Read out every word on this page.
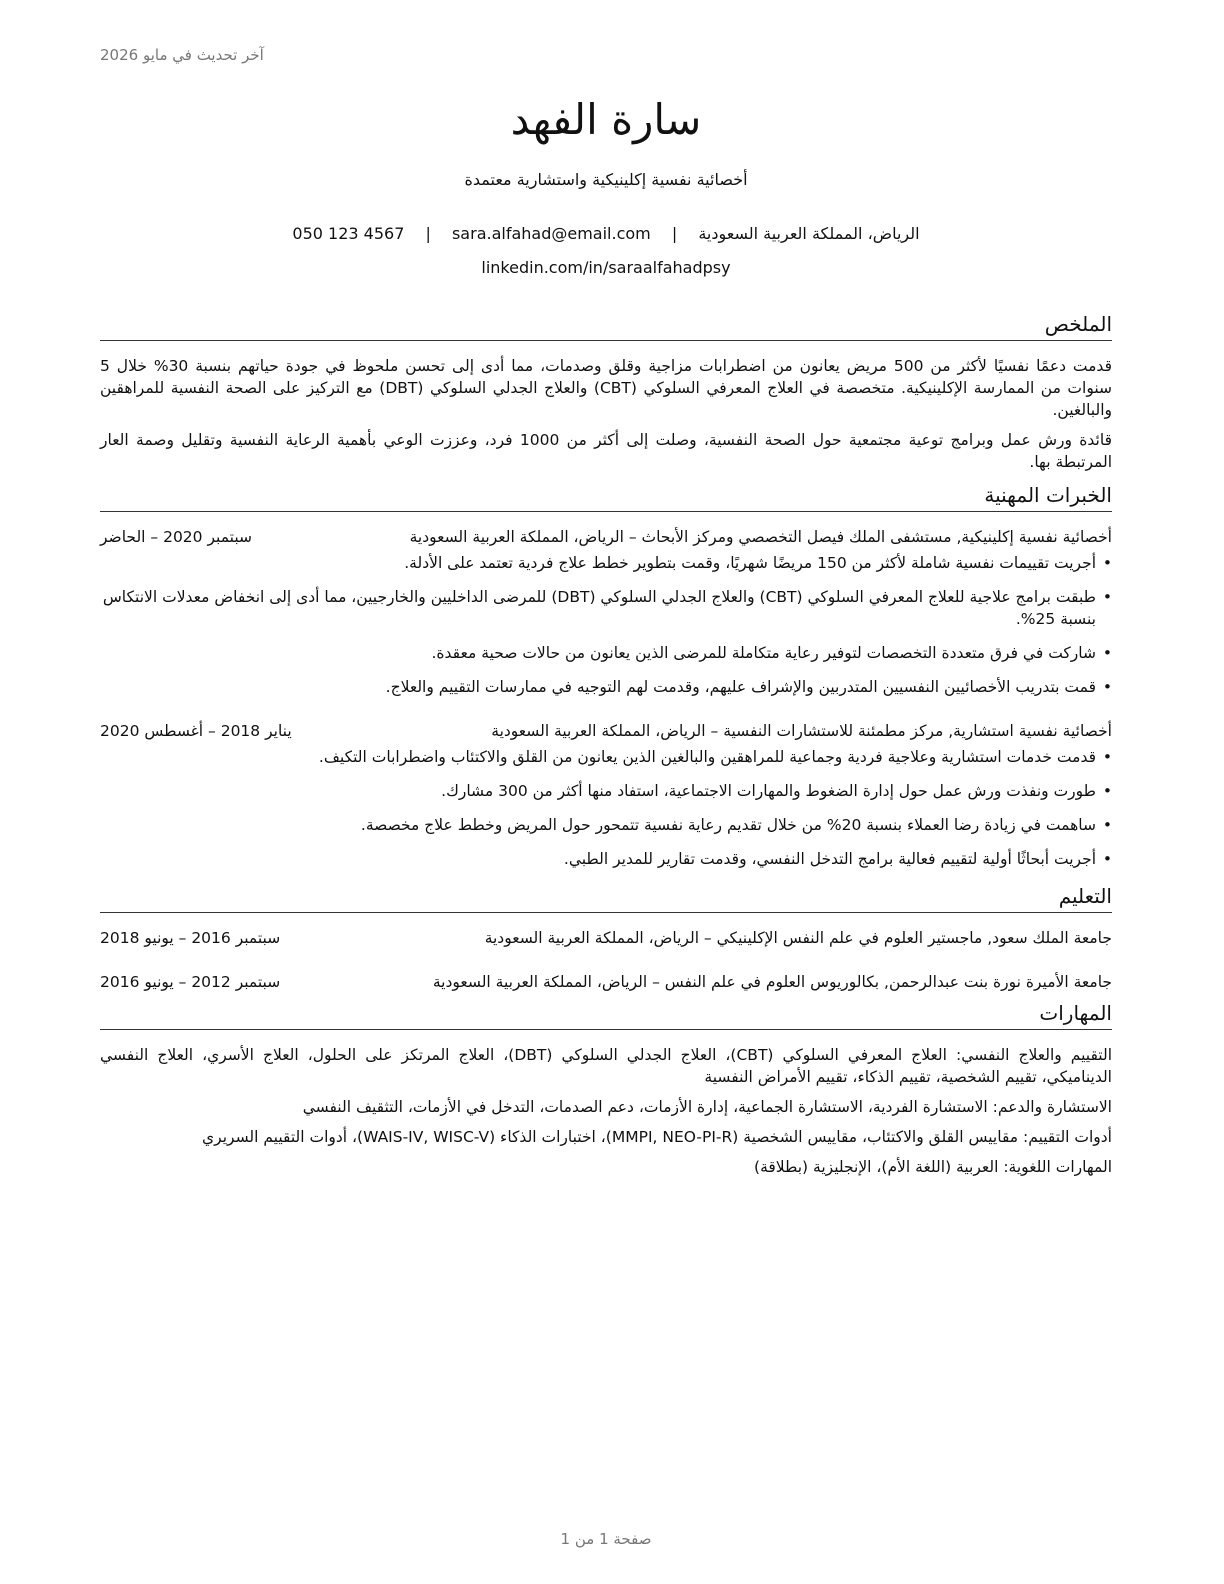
آخر تحديث في مايو 2026
سارة الفهد
أخصائية نفسية إكلينيكية واستشارية معتمدة
الرياض، المملكة العربية السعودية | sara.alfahad@email.com | 050 123 4567
linkedin.com/in/saraalfahadpsy
الملخص

قدمت دعمًا نفسيًا لأكثر من 500 مريض يعانون من اضطرابات مزاجية وقلق وصدمات، مما أدى إلى تحسن ملحوظ في جودة حياتهم بنسبة 30% خلال 5 سنوات من الممارسة الإكلينيكية. متخصصة في العلاج المعرفي السلوكي (CBT) والعلاج الجدلي السلوكي (DBT) مع التركيز على الصحة النفسية للمراهقين والبالغين.

قائدة ورش عمل وبرامج توعية مجتمعية حول الصحة النفسية، وصلت إلى أكثر من 1000 فرد، وعززت الوعي بأهمية الرعاية النفسية وتقليل وصمة العار المرتبطة بها.

الخبرات المهنية
أخصائية نفسية إكلينيكية, مستشفى الملك فيصل التخصصي ومركز الأبحاث – الرياض، المملكة العربية السعودية
سبتمبر 2020 – الحاضر
• أجريت تقييمات نفسية شاملة لأكثر من 150 مريضًا شهريًا، وقمت بتطوير خطط علاج فردية تعتمد على الأدلة.
• طبقت برامج علاجية للعلاج المعرفي السلوكي (CBT) والعلاج الجدلي السلوكي (DBT) للمرضى الداخليين والخارجيين، مما أدى إلى انخفاض معدلات الانتكاس بنسبة 25%.
• شاركت في فرق متعددة التخصصات لتوفير رعاية متكاملة للمرضى الذين يعانون من حالات صحية معقدة.
• قمت بتدريب الأخصائيين النفسيين المتدربين والإشراف عليهم، وقدمت لهم التوجيه في ممارسات التقييم والعلاج.
أخصائية نفسية استشارية, مركز مطمئنة للاستشارات النفسية – الرياض، المملكة العربية السعودية
يناير 2018 – أغسطس 2020
• قدمت خدمات استشارية وعلاجية فردية وجماعية للمراهقين والبالغين الذين يعانون من القلق والاكتئاب واضطرابات التكيف.
• طورت ونفذت ورش عمل حول إدارة الضغوط والمهارات الاجتماعية، استفاد منها أكثر من 300 مشارك.
• ساهمت في زيادة رضا العملاء بنسبة 20% من خلال تقديم رعاية نفسية تتمحور حول المريض وخطط علاج مخصصة.
• أجريت أبحاثًا أولية لتقييم فعالية برامج التدخل النفسي، وقدمت تقارير للمدير الطبي.
التعليم
جامعة الملك سعود, ماجستير العلوم في علم النفس الإكلينيكي – الرياض، المملكة العربية السعودية
سبتمبر 2016 – يونيو 2018
جامعة الأميرة نورة بنت عبدالرحمن, بكالوريوس العلوم في علم النفس – الرياض، المملكة العربية السعودية
سبتمبر 2012 – يونيو 2016
المهارات

التقييم والعلاج النفسي: العلاج المعرفي السلوكي (CBT)، العلاج الجدلي السلوكي (DBT)، العلاج المرتكز على الحلول، العلاج الأسري، العلاج النفسي الديناميكي، تقييم الشخصية، تقييم الذكاء، تقييم الأمراض النفسية

الاستشارة والدعم: الاستشارة الفردية، الاستشارة الجماعية، إدارة الأزمات، دعم الصدمات، التدخل في الأزمات، التثقيف النفسي

أدوات التقييم: مقاييس القلق والاكتئاب، مقاييس الشخصية (MMPI, NEO-PI-R)، اختبارات الذكاء (WAIS-IV, WISC-V)، أدوات التقييم السريري

المهارات اللغوية: العربية (اللغة الأم)، الإنجليزية (بطلاقة)

صفحة 1 من 1
